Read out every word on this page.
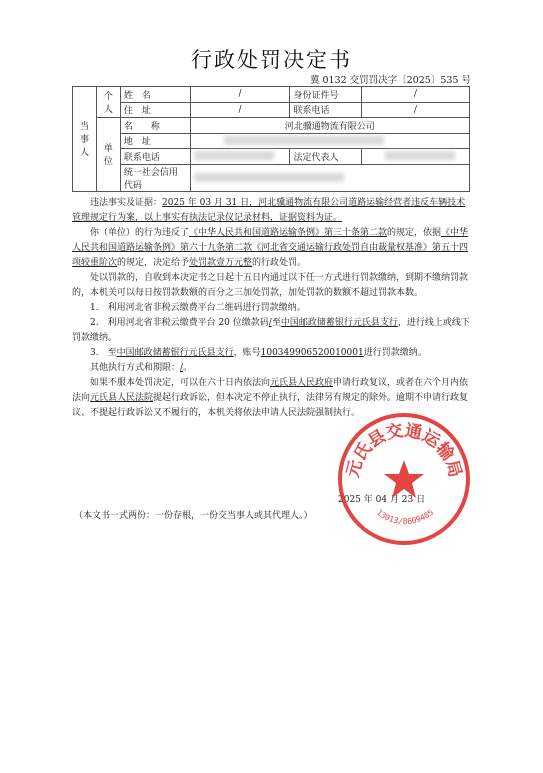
行政处罚决定书
冀 0132 交罚罚决字〔2025〕535 号
当事人	个人	姓　名	/	身份证件号	/
		住　址	/	联系电话	/
	单位	名　　称	河北骥通物流有限公司		
		地　址			
		联系电话		法定代表人	
		统一社会信用代码			

违法事实及证据：2025 年 03 月 31 日，河北骥通物流有限公司道路运输经营者违反车辆技术管理规定行为案，以上事实有执法记录仪记录材料，证据资料为证。

你（单位）的行为违反了《中华人民共和国道路运输条例》第三十条第二款的规定，依据《中华人民共和国道路运输条例》第六十九条第二款《河北省交通运输行政处罚自由裁量权基准》第五十四项较重阶次的规定，决定给予处罚款壹万元整的行政处罚。

处以罚款的，自收到本决定书之日起十五日内通过以下任一方式进行罚款缴纳，到期不缴纳罚款的，本机关可以每日按罚款数额的百分之三加处罚款，加处罚款的数额不超过罚款本数。

1.　利用河北省非税云缴费平台二维码进行罚款缴纳。

2.　利用河北省非税云缴费平台 20 位缴款码/至中国邮政储蓄银行元氏县支行，进行线上或线下罚款缴纳。

3.　至中国邮政储蓄银行元氏县支行，账号100349906520010001进行罚款缴纳。

其他执行方式和期限：/。

如果不服本处罚决定，可以在六十日内依法向元氏县人民政府申请行政复议，或者在六个月内依法向元氏县人民法院提起行政诉讼，但本决定不停止执行，法律另有规定的除外。逾期不申请行政复议、不提起行政诉讼又不履行的，本机关将依法申请人民法院强制执行。

2025 年 04 月 23 日
元氏县交通运输局
13013/8609485
（本文书一式两份：一份存根，一份交当事人或其代理人。）
